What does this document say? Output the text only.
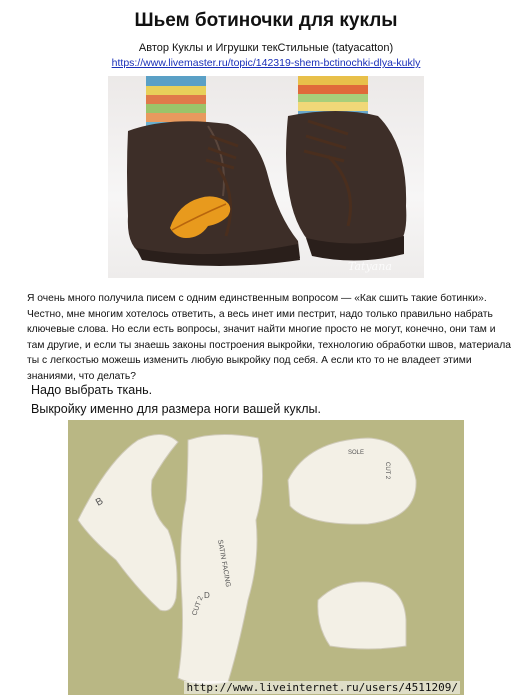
Шьем ботиночки для куклы
Автор Куклы и Игрушки текСтильные (tatyacatton)
https://www.livemaster.ru/topic/142319-shem-bctinochki-dlya-kukly
Tatyana
Я очень много получила писем с одним единственным вопросом — «Как сшить такие ботинки». Честно, мне многим хотелось ответить, а весь инет ими пестрит, надо только правильно набрать ключевые слова. Но если есть вопросы, значит найти многие просто не могут, конечно, они там и там другие, и если ты знаешь законы построения выкройки, технологию обработки швов, материала ты с легкостью можешь изменить любую выкройку под себя. А если кто то не владеет этими знаниями, что делать?
Надо выбрать ткань.
Выкройку именно для размера ноги вашей куклы.
B
SATIN FACING
D
CUT 2
CUT 2
SOLE
http://www.liveinternet.ru/users/4511209/
